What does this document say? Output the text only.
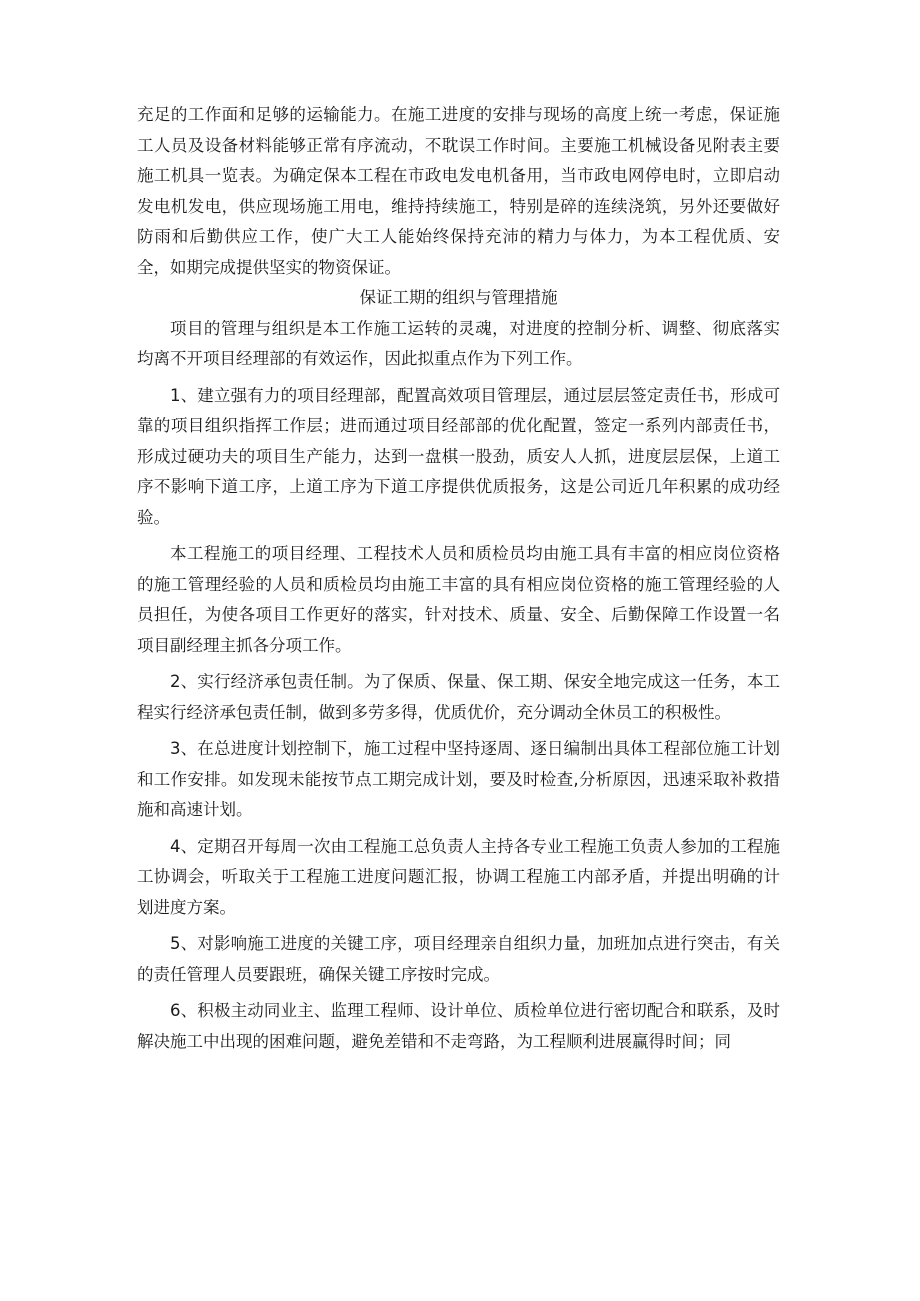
充足的工作面和足够的运输能力。在施工进度的安排与现场的高度上统一考虑，保证施工人员及设备材料能够正常有序流动，不耽误工作时间。主要施工机械设备见附表主要施工机具一览表。为确定保本工程在市政电发电机备用，当市政电网停电时，立即启动发电机发电，供应现场施工用电，维持持续施工，特别是碎的连续浇筑，另外还要做好防雨和后勤供应工作，使广大工人能始终保持充沛的精力与体力，为本工程优质、安全，如期完成提供坚实的物资保证。

保证工期的组织与管理措施

项目的管理与组织是本工作施工运转的灵魂，对进度的控制分析、调整、彻底落实均离不开项目经理部的有效运作，因此拟重点作为下列工作。

1、建立强有力的项目经理部，配置高效项目管理层，通过层层签定责任书，形成可靠的项目组织指挥工作层；进而通过项目经部部的优化配置，签定一系列内部责任书，形成过硬功夫的项目生产能力，达到一盘棋一股劲，质安人人抓，进度层层保，上道工序不影响下道工序，上道工序为下道工序提供优质报务，这是公司近几年积累的成功经验。

本工程施工的项目经理、工程技术人员和质检员均由施工具有丰富的相应岗位资格的施工管理经验的人员和质检员均由施工丰富的具有相应岗位资格的施工管理经验的人员担任，为使各项目工作更好的落实，针对技术、质量、安全、后勤保障工作设置一名项目副经理主抓各分项工作。

2、实行经济承包责任制。为了保质、保量、保工期、保安全地完成这一任务，本工程实行经济承包责任制，做到多劳多得，优质优价，充分调动全休员工的积极性。

3、在总进度计划控制下，施工过程中坚持逐周、逐日编制出具体工程部位施工计划和工作安排。如发现未能按节点工期完成计划，要及时检查,分析原因，迅速采取补救措施和高速计划。

4、定期召开每周一次由工程施工总负责人主持各专业工程施工负责人参加的工程施工协调会，听取关于工程施工进度问题汇报，协调工程施工内部矛盾，并提出明确的计划进度方案。

5、对影响施工进度的关键工序，项目经理亲自组织力量，加班加点进行突击，有关的责任管理人员要跟班，确保关键工序按时完成。

6、积极主动同业主、监理工程师、设计单位、质检单位进行密切配合和联系，及时解决施工中出现的困难问题，避免差错和不走弯路，为工程顺利进展赢得时间；同
